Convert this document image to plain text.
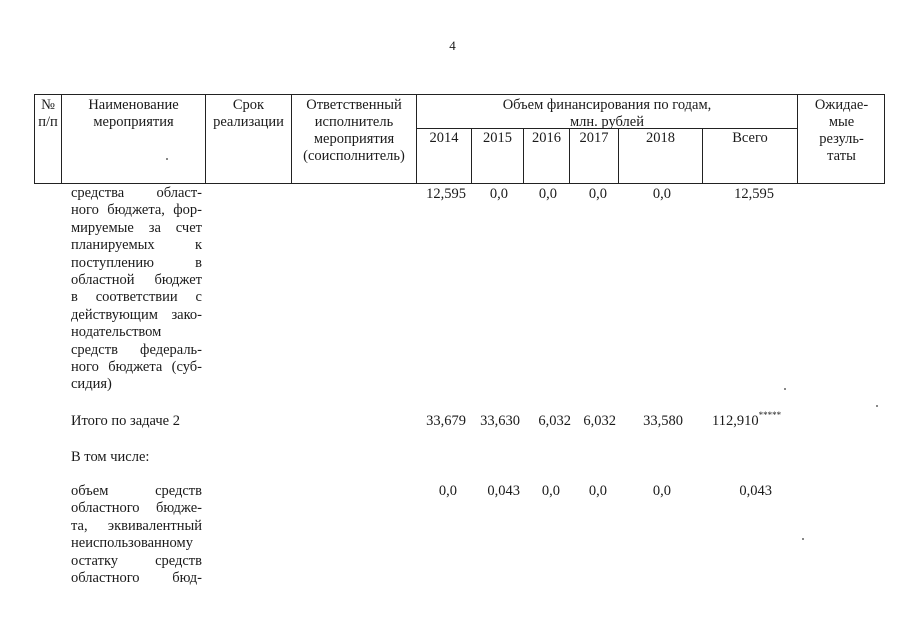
4
№
п/п
Наименование
мероприятия
Срок
реализации
Ответственный
исполнитель
мероприятия
(соисполнитель)
Объем финансирования по годам,
млн. рублей
2014	2015	2016	2017	2018	Всего
Ожидае-
мые
резуль-
таты
средства облаcт-
ного бюджета, фор-
мируемые за счет
планируемых к
поступлению в
областной бюджет
в соответствии с
действующим зако-
нодательством
средств федераль-
ного бюджета (суб-
сидия)
12,595	0,0	0,0	0,0	0,0	12,595
Итого по задаче 2	33,679 33,630	6,032 6,032	33,580	112,910*****
В том числе:
объем средств
областного бюдже-
та, эквивалентный
неиспользованному
остатку средств
областного бюд-
0,0	0,043	0,0	0,0	0,0	0,043
